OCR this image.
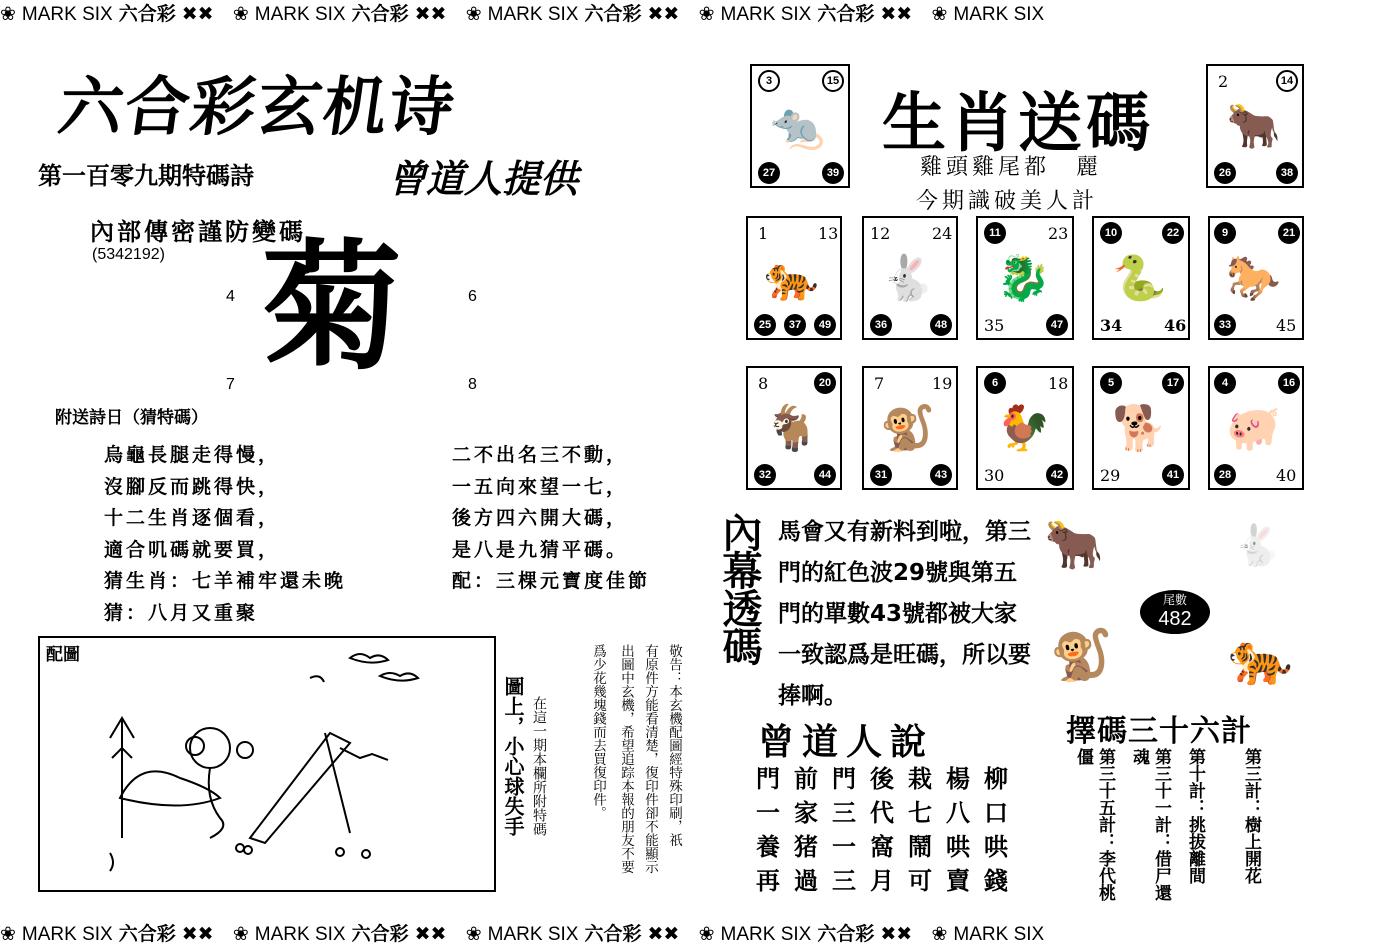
❀ MARK SIX 六合彩 ✖✖ ❀ MARK SIX 六合彩 ✖✖ ❀ MARK SIX 六合彩 ✖✖ ❀ MARK SIX 六合彩 ✖✖ ❀ MARK SIX
六合彩玄机诗
第一百零九期特碼詩	曾道人提供
內部傳密謹防變碼
(5342192) 菊
4	6
7	8
附送詩日（猜特碼）
烏龜長腿走得慢，
沒腳反而跳得快，
十二生肖逐個看，
適合叽碼就要買，
猜生肖：七羊補牢還未晚
猜：八月又重聚
二不出名三不動，
一五向來望一七，
後方四六開大碼，
是八是九猜平碼。
配：三棵元寶度佳節
配圖
在這一期本欄所附特碼
圖上，小心球失手	敬告：本玄機配圖經特殊印刷，祇
有原件方能看清楚，復印件卻不能顯示
出圖中玄機，希望追踪本報的朋友不要
爲少花幾塊錢而去買復印件。
生肖送碼
雞頭雞尾都　麗
今期識破美人計
3	15
🐀
27	39
2	14
🐂
26	38
1	13
🐅
25	37	49
12	24
🐇
36	48
11	23
🐉
35	47
10	22
🐍
34	46
9	21
🐎
33	45
8	20
🐐
32	44
7	19
🐒
31	43
6	18
🐓
30	42
5	17
🐕
29	41
4	16
🐖
28	40
內幕透碼 馬會又有新料到啦，第三門的紅色波29號與第五門的單數43號都被大家一致認爲是旺碼，所以要捧啊。
🐂	🐇
🐒 🐅
尾數
482
曾道人說
門前門後栽楊柳
一家三代七八口
養猪一窩鬧哄哄
再過三月可賣錢
擇碼三十六計
第三計：樹上開花
第十計：挑拔離間
第三十一計：借尸還魂
第三十五計：李代桃僵
❀ MARK SIX 六合彩 ✖✖ ❀ MARK SIX 六合彩 ✖✖ ❀ MARK SIX 六合彩 ✖✖ ❀ MARK SIX 六合彩 ✖✖ ❀ MARK SIX
